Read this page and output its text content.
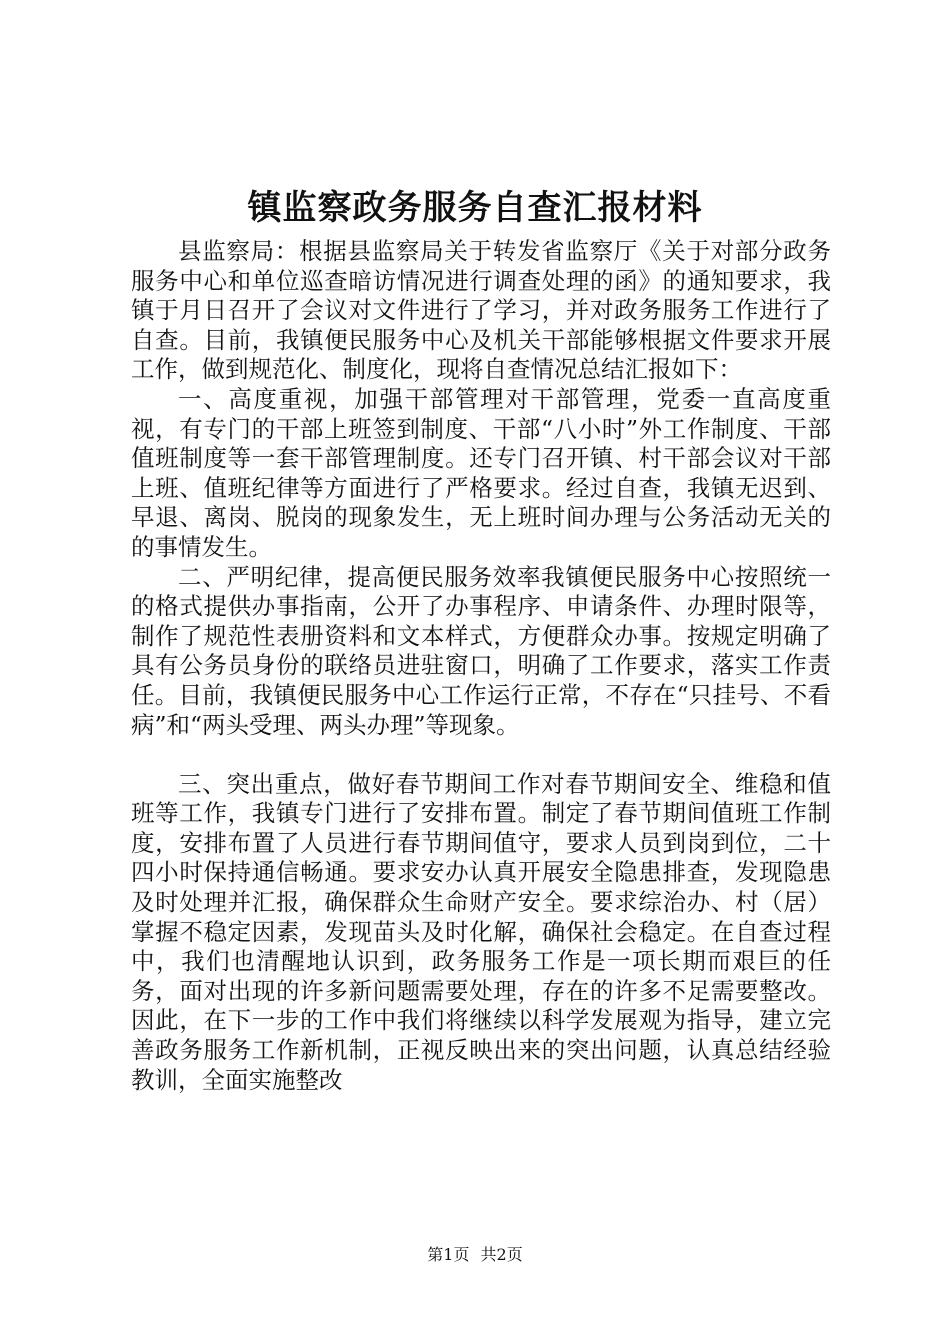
镇监察政务服务自查汇报材料

县监察局：根据县监察局关于转发省监察厅《关于对部分政务服务中心和单位巡查暗访情况进行调查处理的函》的通知要求，我镇于月日召开了会议对文件进行了学习，并对政务服务工作进行了自查。目前，我镇便民服务中心及机关干部能够根据文件要求开展工作，做到规范化、制度化，现将自查情况总结汇报如下：

一、高度重视，加强干部管理对干部管理，党委一直高度重视，有专门的干部上班签到制度、干部“八小时”外工作制度、干部值班制度等一套干部管理制度。还专门召开镇、村干部会议对干部上班、值班纪律等方面进行了严格要求。经过自查，我镇无迟到、早退、离岗、脱岗的现象发生，无上班时间办理与公务活动无关的的事情发生。

二、严明纪律，提高便民服务效率我镇便民服务中心按照统一的格式提供办事指南，公开了办事程序、申请条件、办理时限等，制作了规范性表册资料和文本样式，方便群众办事。按规定明确了具有公务员身份的联络员进驻窗口，明确了工作要求，落实工作责任。目前，我镇便民服务中心工作运行正常，不存在“只挂号、不看病”和“两头受理、两头办理”等现象。

三、突出重点，做好春节期间工作对春节期间安全、维稳和值班等工作，我镇专门进行了安排布置。制定了春节期间值班工作制度，安排布置了人员进行春节期间值守，要求人员到岗到位，二十四小时保持通信畅通。要求安办认真开展安全隐患排查，发现隐患及时处理并汇报，确保群众生命财产安全。要求综治办、村（居）掌握不稳定因素，发现苗头及时化解，确保社会稳定。在自查过程中，我们也清醒地认识到，政务服务工作是一项长期而艰巨的任务，面对出现的许多新问题需要处理，存在的许多不足需要整改。因此，在下一步的工作中我们将继续以科学发展观为指导，建立完善政务服务工作新机制，正视反映出来的突出问题，认真总结经验教训，全面实施整改

第1页 共2页
